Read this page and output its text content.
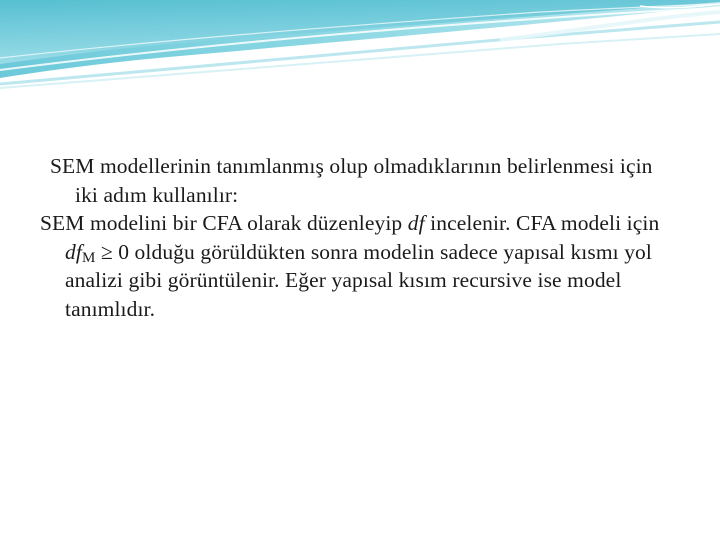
SEM modellerinin tanımlanmış olup olmadıklarının belirlenmesi için iki adım kullanılır:

SEM modelini bir CFA olarak düzenleyip df incelenir. CFA modeli için $df_M \ge 0$ olduğu görüldükten sonra modelin sadece yapısal kısmı yol analizi gibi görüntülenir. Eğer yapısal kısım recursive ise model tanımlıdır.
